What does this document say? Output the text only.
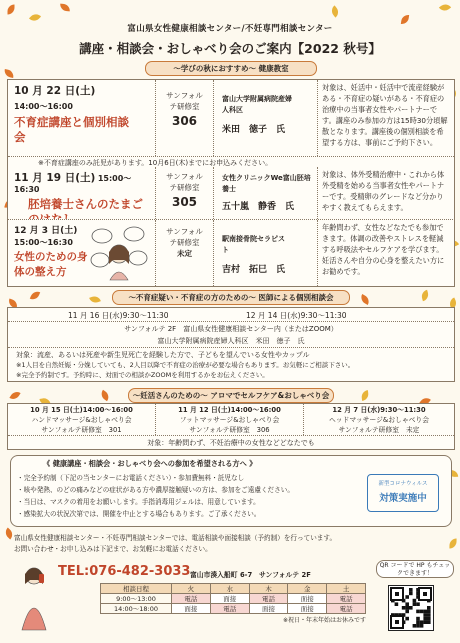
富山県女性健康相談センター/不妊専門相談センター
講座・相談会・おしゃべり会のご案内【2022 秋号】
～学びの秋におすすめ～ 健康教室
10 月 22 日(土)
14:00～16:00
不育症講座と個別相談会
サンフォルテ研修室
306
富山大学附属病院産婦人科区
米田　徳子　氏
対象は、妊活中・妊活中で流産経験がある・不育症の疑いがある・不育症の治療中の当事者女性やパートナーです。講座のみ参加の方は15時30分頃解散となります。講座後の個別相談を希望する方は、事前にご予約下さい。
※不育症講座のみ託児があります。10月6日(木)までにお申込みください。
11 月 19 日(土) 15:00～16:30
胚培養士さんのたまご
サンフォルテ研修室
305
女性クリニックWe富山胚培養士
五十嵐　静香　氏
対象は、体外受精治療中・これから体外受精を始める当事者女性やパートナーです。受精卵のグレードなど分かりやすく教えてもらえます。
12 月 3 日(土)
15:00～16:30
女性のための身体の整え方
サンフォルテ研修室
未定
駅南接骨院セラピスト
吉村　拓巳　氏
年齢問わず、女性などなたでも参加できます。体調の改善やストレスを軽減する呼吸法やセルフケアを学びます。妊活さんや自分の心身を整えたい方にお勧めです。
～不育症疑い・不育症の方のための～ 医師による個別相談会
11 月 16 日(水)9:30～11:30	12 月 14 日(水)9:30～11:30
サンフォルテ 2F　富山県女性健康相談センター内（またはZOOM）
富山大学附属病院産婦人科区　米田　徳子　氏
対象：流産、あるいは死産や新生児死亡を経験した方で、子どもを望んでいる女性やカップル
※1人目を自然妊娠・分娩していても、2人目以降で不育症の治療が必要な場合もあります。お気軽にご相談下さい。
※完全予約制です。予約時に、対面での相談かZOOMを利用するかをお伝えください。
～妊活さんのための～ アロマでセルフケア&おしゃべり会
10 月 15 日(土)14:00～16:00
ハンドマッサージ&おしゃべり会
サンフォルテ研修室　301
11 月 12 日(土)14:00～16:00
フットマッサージ&おしゃべり会
サンフォルテ研修室　306
12 月 7 日(水)9:30～11:30
ヘッドマッサージ&おしゃべり会
サンフォルテ研修室　未定
対象：年齢問わず、不妊治療中の女性などどなたでも
《 健康講座・相談会・おしゃべり会への参加を希望される方へ 》
・完全予約制（下記の当センターにお電話ください）・参加費無料・託児なし
・咳や発熱、のどの痛みなどの症状がある方や濃厚接触疑いの方は、参加をご遠慮ください。
・当日は、マスクの着用をお願いします。手指消毒用ジェルは、用意しています。
・感染拡大の状況次第では、開催を中止とする場合もあります。ご了承ください。
新型コロナウィルス
対策実施中
富山県女性健康相談センター・不妊専門相談センターでは、電話相談や面接相談（予約制）を行っています。
お問い合わせ・お申し込みは下記まで、お気軽にお電話ください。
TEL:076-482-3033 富山市湊入船町 6-7　サンフォルテ 2F
相談日程	火	水	木	金	土
9:00～13:00	電話	面接	電話	面接	電話
14:00～18:00	面接	電話	面接	面接	電話
※祝日・年末年始はお休みです
QR コードで HP もチェックできます！
